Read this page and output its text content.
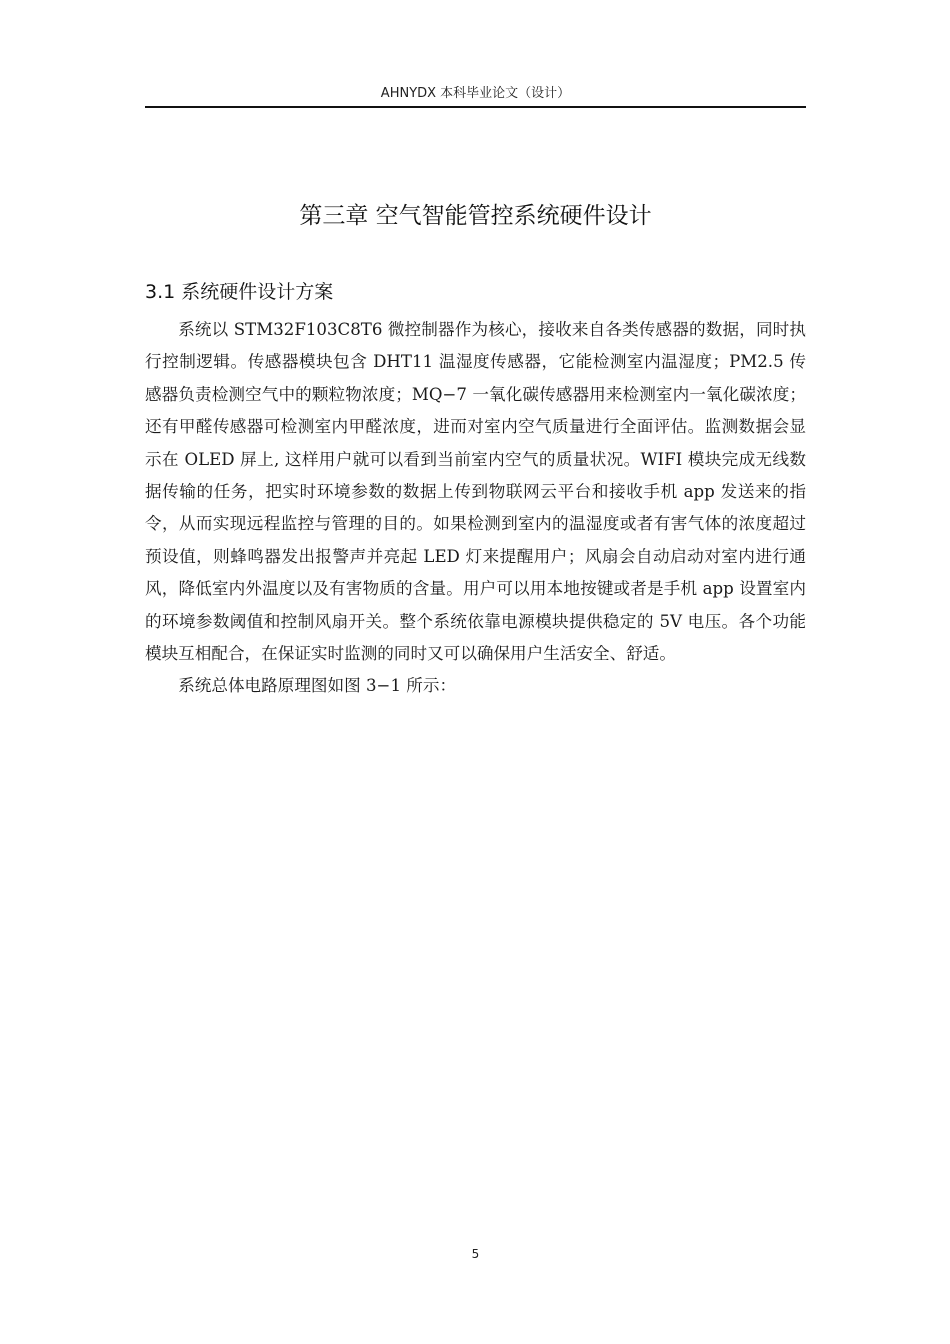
AHNYDX 本科毕业论文（设计）
第三章 空气智能管控系统硬件设计
3.1 系统硬件设计方案

系统以 STM32F103C8T6 微控制器作为核心，接收来自各类传感器的数据，同时执行控制逻辑。传感器模块包含 DHT11 温湿度传感器，它能检测室内温湿度；PM2.5 传感器负责检测空气中的颗粒物浓度；MQ−7 一氧化碳传感器用来检测室内一氧化碳浓度；还有甲醛传感器可检测室内甲醛浓度，进而对室内空气质量进行全面评估。监测数据会显示在 OLED 屏上, 这样用户就可以看到当前室内空气的质量状况。WIFI 模块完成无线数据传输的任务，把实时环境参数的数据上传到物联网云平台和接收手机 app 发送来的指令，从而实现远程监控与管理的目的。如果检测到室内的温湿度或者有害气体的浓度超过预设值，则蜂鸣器发出报警声并亮起 LED 灯来提醒用户；风扇会自动启动对室内进行通风，降低室内外温度以及有害物质的含量。用户可以用本地按键或者是手机 app 设置室内的环境参数阈值和控制风扇开关。整个系统依靠电源模块提供稳定的 5V 电压。各个功能模块互相配合，在保证实时监测的同时又可以确保用户生活安全、舒适。

系统总体电路原理图如图 3−1 所示：

5
